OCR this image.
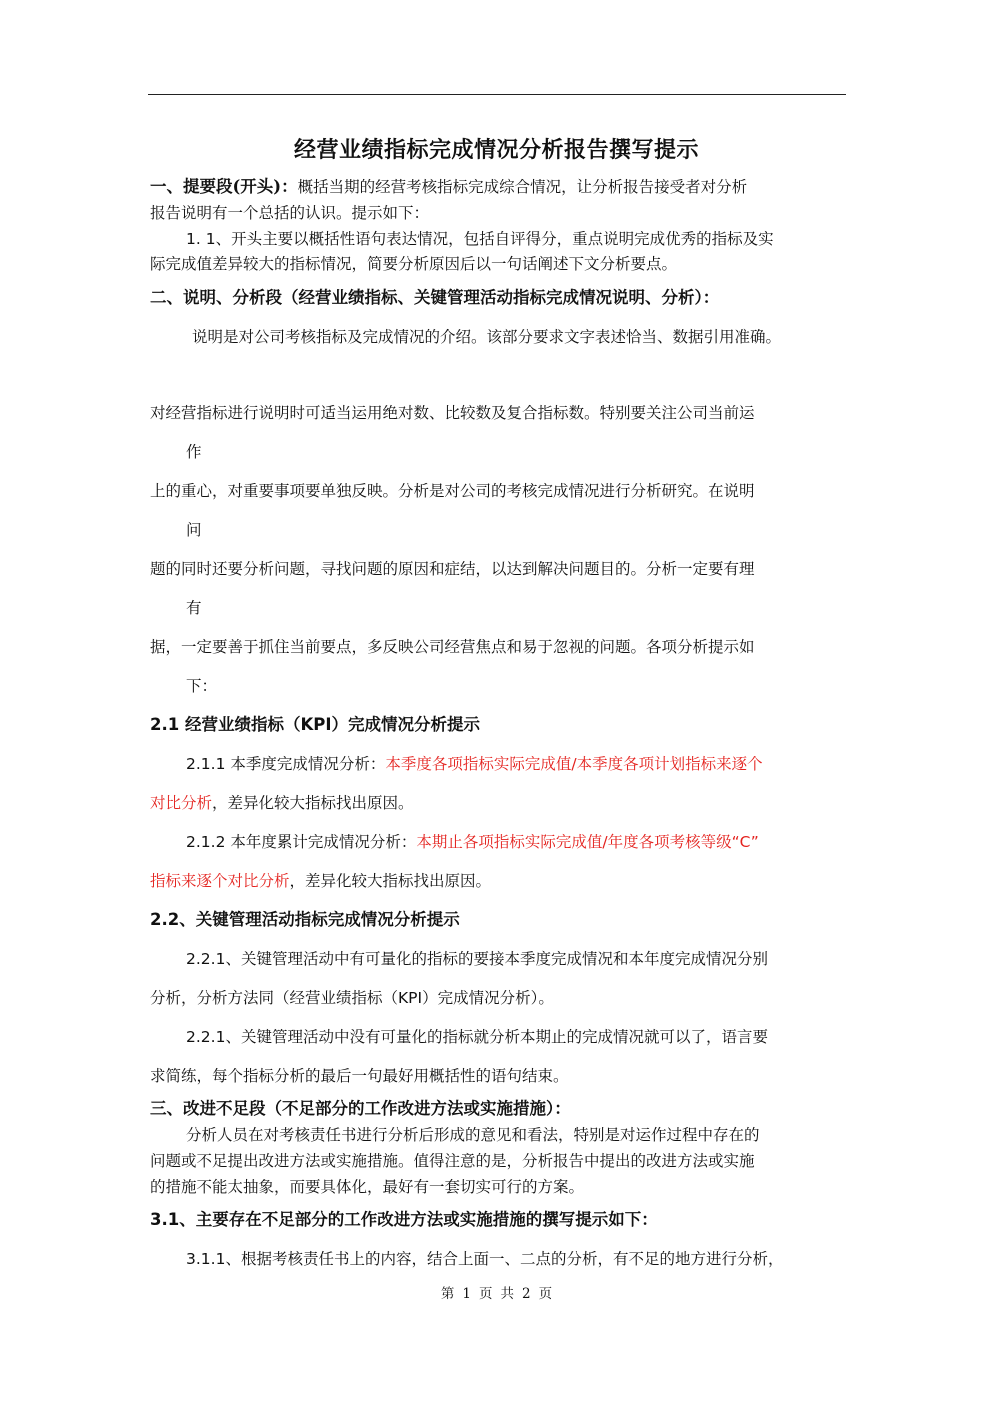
经营业绩指标完成情况分析报告撰写提示
一、提要段(开头)：概括当期的经营考核指标完成综合情况，让分析报告接受者对分析
报告说明有一个总括的认识。提示如下：
1. 1、开头主要以概括性语句表达情况，包括自评得分，重点说明完成优秀的指标及实
际完成值差异较大的指标情况，简要分析原因后以一句话阐述下文分析要点。
二、说明、分析段（经营业绩指标、关键管理活动指标完成情况说明、分析）：
说明是对公司考核指标及完成情况的介绍。该部分要求文字表述恰当、数据引用准确。
对经营指标进行说明时可适当运用绝对数、比较数及复合指标数。特别要关注公司当前运
作
上的重心，对重要事项要单独反映。分析是对公司的考核完成情况进行分析研究。在说明
问
题的同时还要分析问题，寻找问题的原因和症结，以达到解决问题目的。分析一定要有理
有
据，一定要善于抓住当前要点，多反映公司经营焦点和易于忽视的问题。各项分析提示如
下：
2.1 经营业绩指标（KPI）完成情况分析提示
2.1.1 本季度完成情况分析：本季度各项指标实际完成值/本季度各项计划指标来逐个
对比分析，差异化较大指标找出原因。
2.1.2 本年度累计完成情况分析：本期止各项指标实际完成值/年度各项考核等级“C”
指标来逐个对比分析，差异化较大指标找出原因。
2.2、关键管理活动指标完成情况分析提示
2.2.1、关键管理活动中有可量化的指标的要接本季度完成情况和本年度完成情况分别
分析，分析方法同（经营业绩指标（KPI）完成情况分析）。
2.2.1、关键管理活动中没有可量化的指标就分析本期止的完成情况就可以了，语言要
求简练，每个指标分析的最后一句最好用概括性的语句结束。
三、改进不足段（不足部分的工作改进方法或实施措施）：
分析人员在对考核责任书进行分析后形成的意见和看法，特别是对运作过程中存在的
问题或不足提出改进方法或实施措施。值得注意的是，分析报告中提出的改进方法或实施
的措施不能太抽象，而要具体化，最好有一套切实可行的方案。
3.1、主要存在不足部分的工作改进方法或实施措施的撰写提示如下：
3.1.1、根据考核责任书上的内容，结合上面一、二点的分析，有不足的地方进行分析，
第 1 页 共 2 页
